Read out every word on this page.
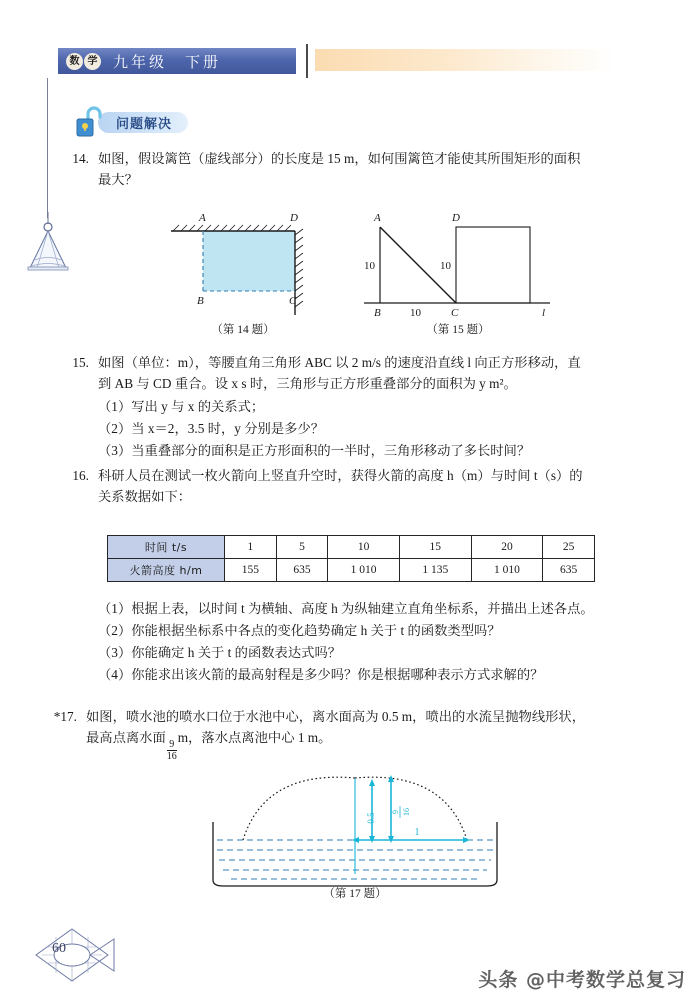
数 学 九年级　下册
问题解决
14. 如图，假设篱笆（虚线部分）的长度是 15 m，如何围篱笆才能使其所围矩形的面积
最大？
A	D
B	C
（第 14 题）
A	D
B	C	l
10
10
10
（第 15 题）
15. 如图（单位：m），等腰直角三角形 ABC 以 2 m/s 的速度沿直线 l 向正方形移动，直
到 AB 与 CD 重合。设 x s 时，三角形与正方形重叠部分的面积为 y m²。
（1）写出 y 与 x 的关系式；
（2）当 x＝2，3.5 时，y 分别是多少？
（3）当重叠部分的面积是正方形面积的一半时，三角形移动了多长时间？
16. 科研人员在测试一枚火箭向上竖直升空时，获得火箭的高度 h（m）与时间 t（s）的
关系数据如下：
时间 t/s	1	5	10	15	20	25
火箭高度 h/m	155	635	1 010	1 135	1 010	635
（1）根据上表，以时间 t 为横轴、高度 h 为纵轴建立直角坐标系，并描出上述各点。
（2）你能根据坐标系中各点的变化趋势确定 h 关于 t 的函数类型吗？
（3）你能确定 h 关于 t 的函数表达式吗？
（4）你能求出该火箭的最高射程是多少吗？你是根据哪种表示方式求解的？
*17. 如图，喷水池的喷水口位于水池中心，离水面高为 0.5 m，喷出的水流呈抛物线形状，
最高点离水面
$\frac{9}{16}$
m，落水点离池中心 1 m。
0.5
9 16
1
（第 17 题）
60
头条 @中考数学总复习
